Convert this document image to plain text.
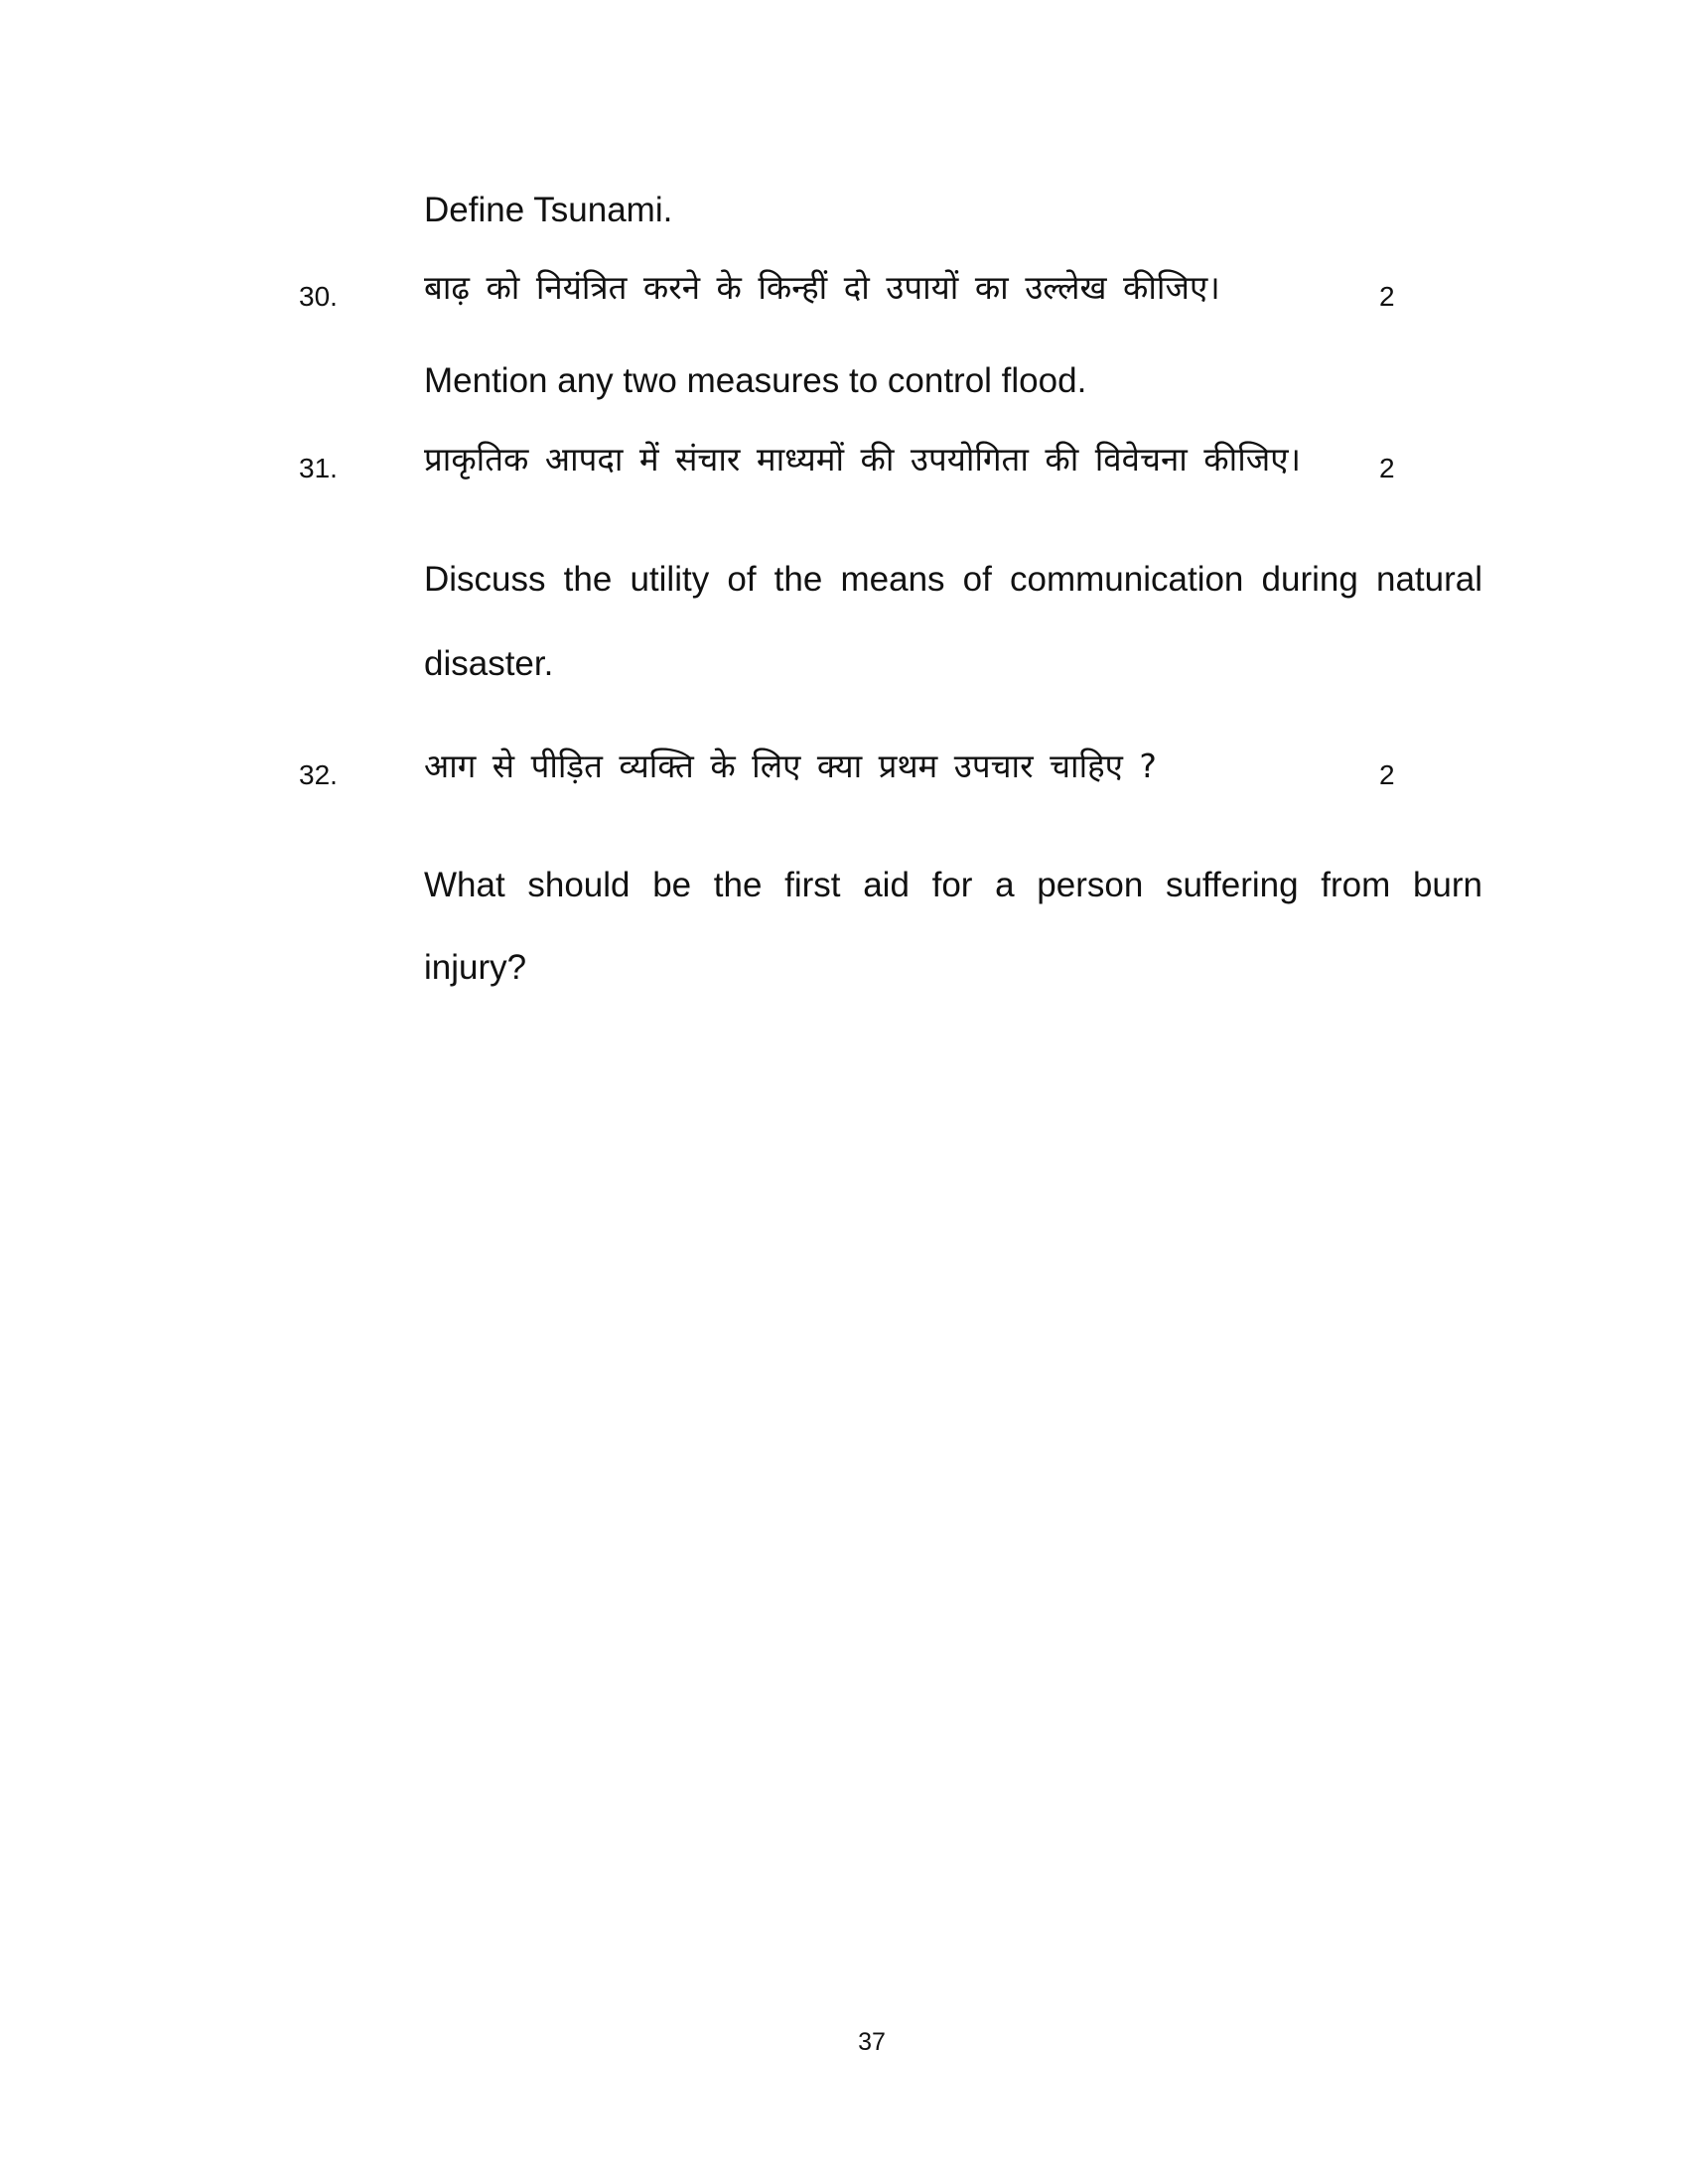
Define Tsunami.
30.	बाढ़ को नियंत्रित करने के किन्हीं दो उपायों का उल्लेख कीजिए।	2
Mention any two measures to control flood.
31.	प्राकृतिक आपदा में संचार माध्यमों की उपयोगिता की विवेचना कीजिए।	2
Discuss the utility of the means of communication during natural
disaster.
32.	आग से पीड़ित व्यक्ति के लिए क्या प्रथम उपचार चाहिए ?	2
What should be the first aid for a person suffering from burn
injury?
37
